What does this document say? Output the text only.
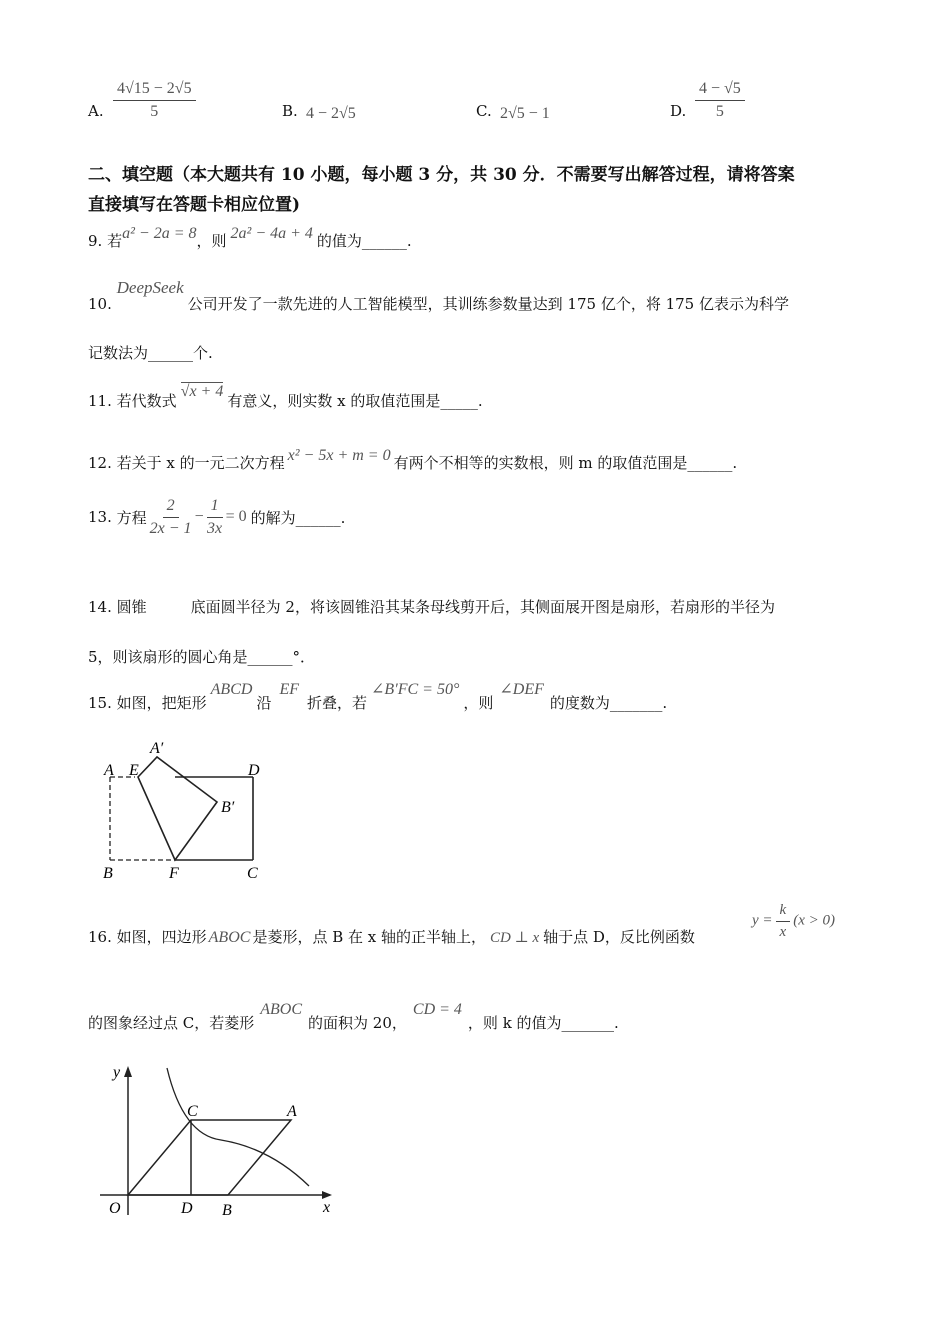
A. $\frac{4√15 - 2√5}{5}$	B. 4 − 2√5	C. 2√5 − 1	D. $\frac{4 - √5}{5}$
二、填空题（本大题共有 10 小题，每小题 3 分，共 30 分．不需要写出解答过程，请将答案
直接填写在答题卡相应位置)
9. 若a² − 2a = 8，则 2a² − 4a + 4 的值为______.
10. DeepSeek公司开发了一款先进的人工智能模型，其训练参数量达到 175 亿个，将 175 亿表示为科学
记数法为______个.
11. 若代数式√x + 4有意义，则实数 x 的取值范围是_____.
12. 若关于 x 的一元二次方程 x² − 5x + m = 0 有两个不相等的实数根，则 m 的取值范围是______.
13. 方程 $\frac{2}{2x - 1} - \frac{1}{3x} = 0$ 的解为______.
14. 圆锥	底面圆半径为 2，将该圆锥沿其某条母线剪开后，其侧面展开图是扇形，若扇形的半径为
5，则该扇形的圆心角是______°．
15. 如图，把矩形ABCD沿EF折叠，若∠B′FC = 50°，则∠DEF的度数为_______.
A
A′
E	D
B′
B	F	C
16. 如图，四边形 ABOC 是菱形，点 B 在 x 轴的正半轴上， CD ⊥ x 轴于点 D，反比例函数
$y = \frac{k}{x} (x > 0)$
的图象经过点 C，若菱形ABOC的面积为 20，CD = 4，则 k 的值为_______.
y
x
O	D B
C	A
